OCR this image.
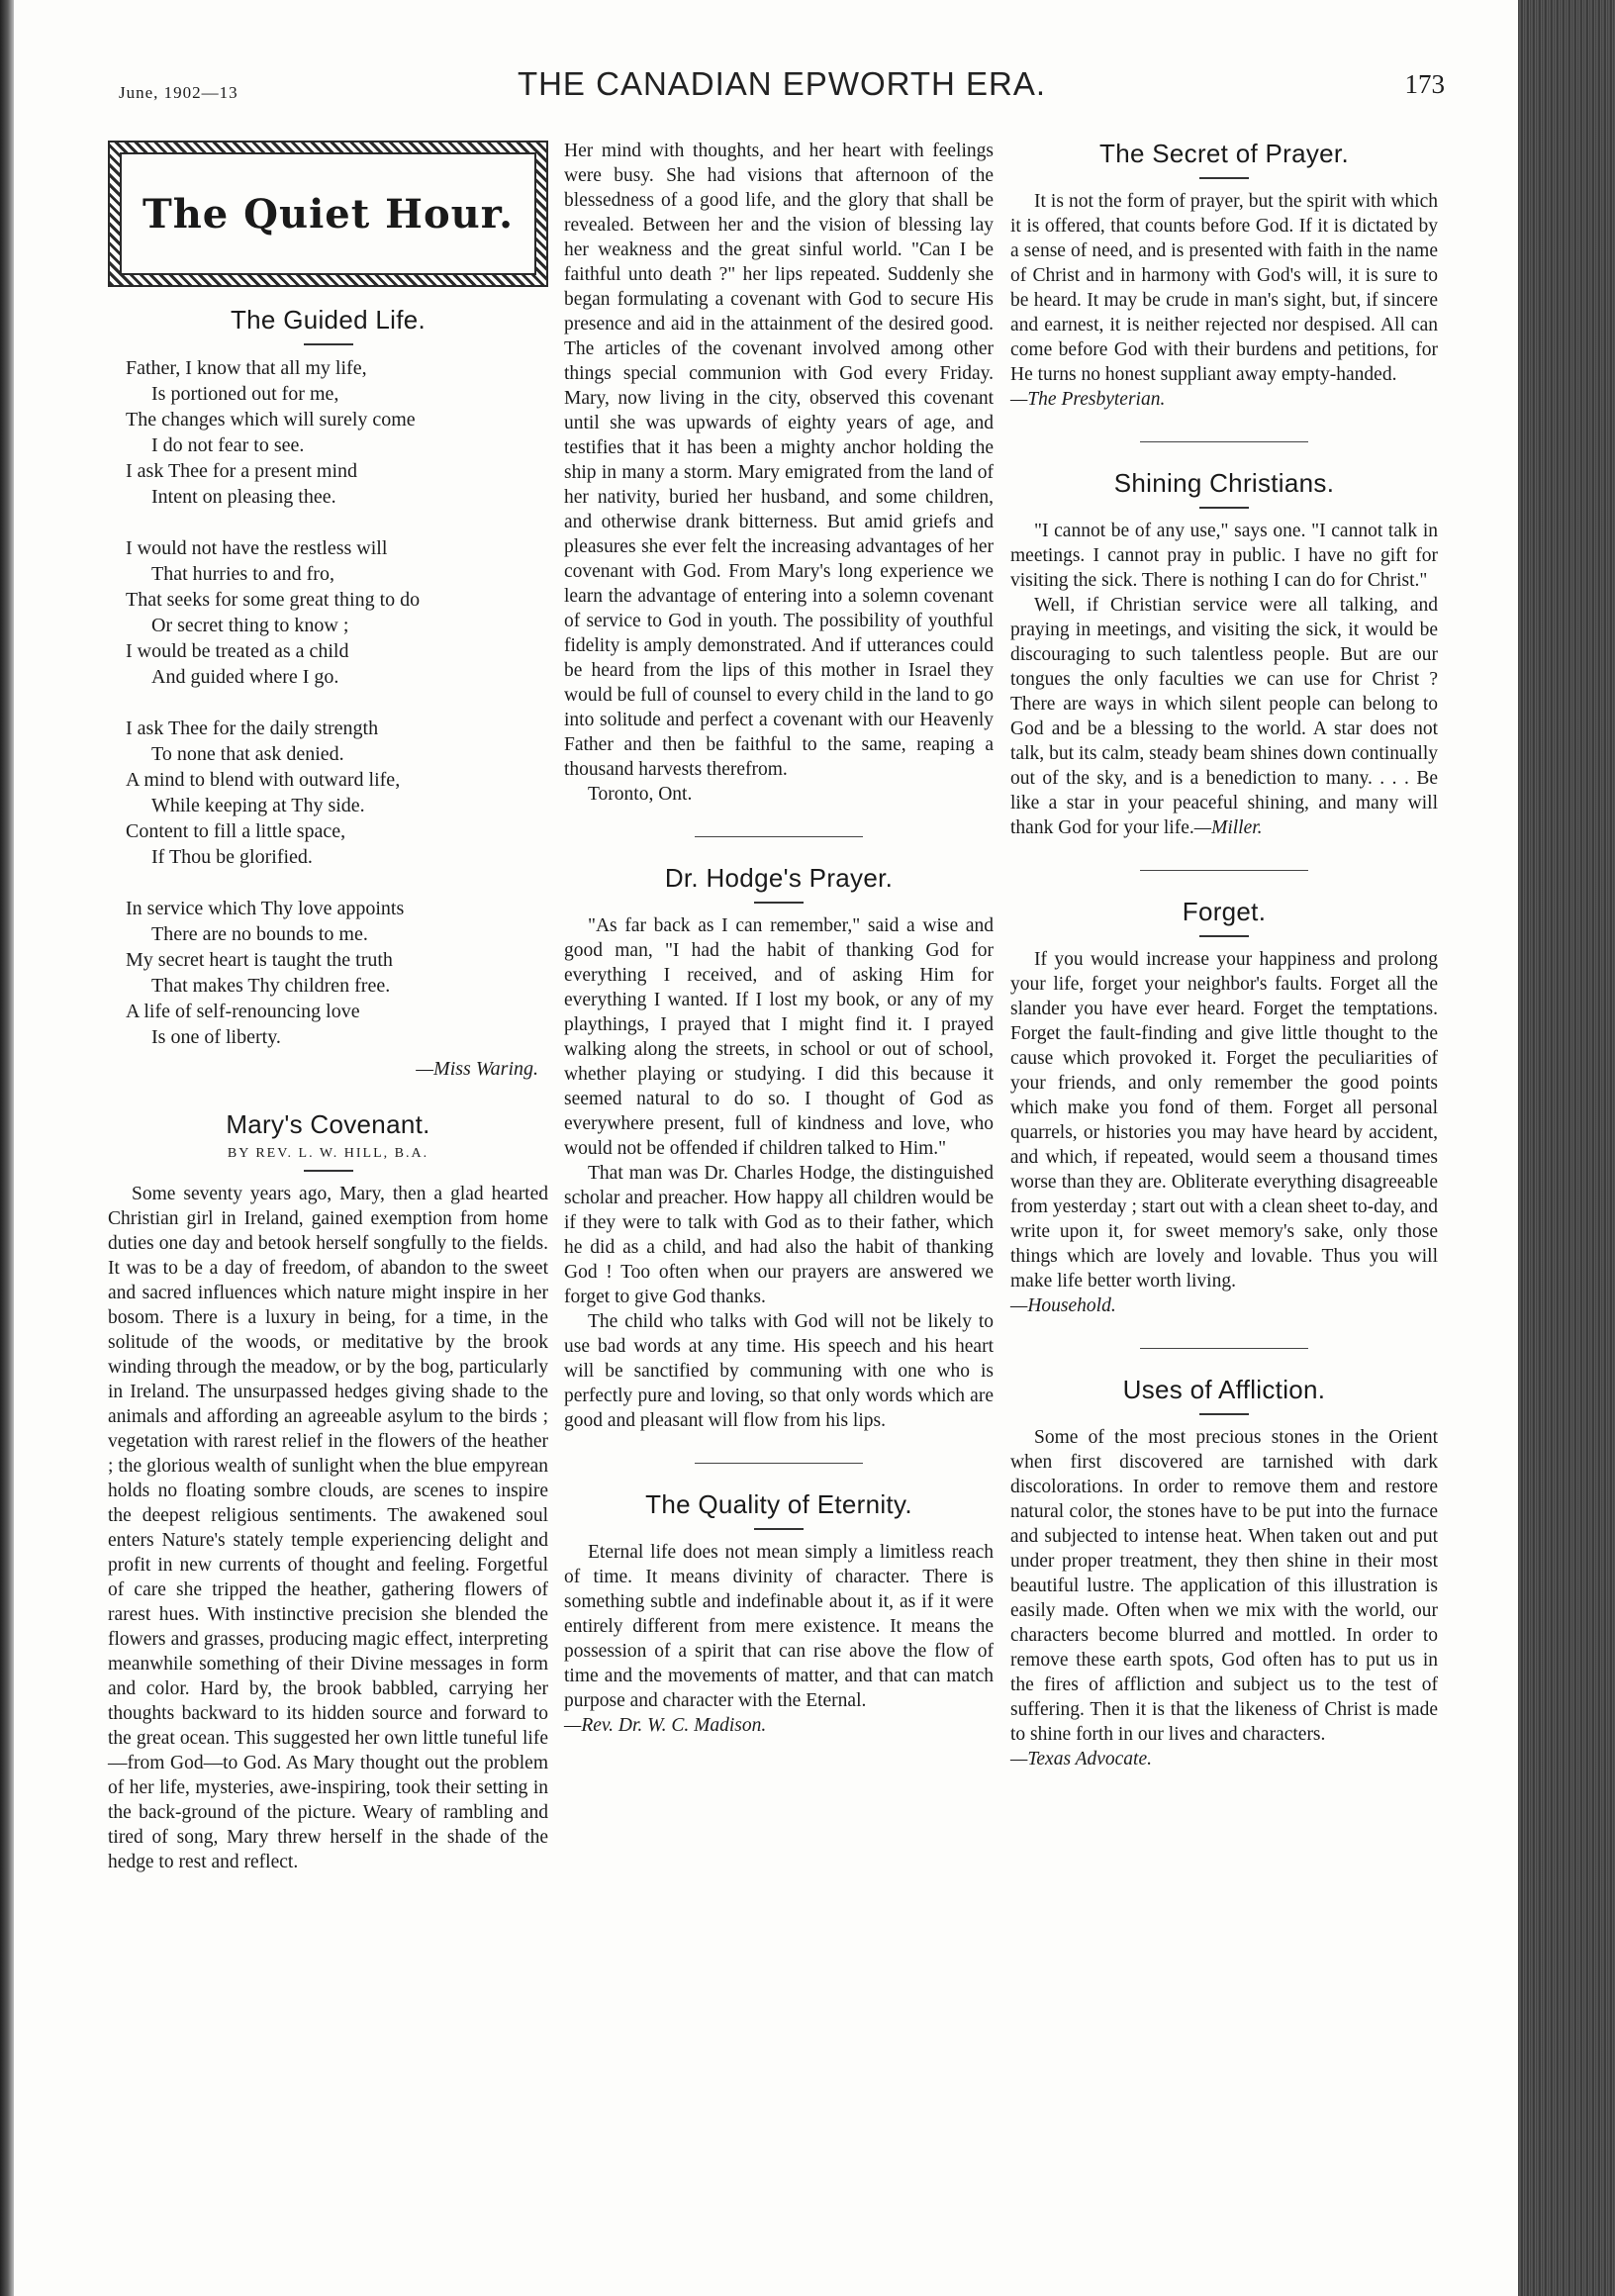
June, 1902—13	THE CANADIAN EPWORTH ERA.	173
The Quiet Hour.
The Guided Life.
Father, I know that all my life,
Is portioned out for me,
The changes which will surely come
I do not fear to see.
I ask Thee for a present mind
Intent on pleasing thee.
I would not have the restless will
That hurries to and fro,
That seeks for some great thing to do
Or secret thing to know ;
I would be treated as a child
And guided where I go.
I ask Thee for the daily strength
To none that ask denied.
A mind to blend with outward life,
While keeping at Thy side.
Content to fill a little space,
If Thou be glorified.
In service which Thy love appoints
There are no bounds to me.
My secret heart is taught the truth
That makes Thy children free.
A life of self-renouncing love
Is one of liberty.
—Miss Waring.
Mary's Covenant.
BY REV. L. W. HILL, B.A.

Some seventy years ago, Mary, then a glad hearted Christian girl in Ireland, gained exemption from home duties one day and betook herself songfully to the fields. It was to be a day of freedom, of abandon to the sweet and sacred influences which nature might inspire in her bosom. There is a luxury in being, for a time, in the solitude of the woods, or meditative by the brook winding through the meadow, or by the bog, particularly in Ireland. The unsurpassed hedges giving shade to the animals and affording an agreeable asylum to the birds ; vegetation with rarest relief in the flowers of the heather ; the glorious wealth of sunlight when the blue empyrean holds no floating sombre clouds, are scenes to inspire the deepest religious sentiments. The awakened soul enters Nature's stately temple experiencing delight and profit in new currents of thought and feeling. Forgetful of care she tripped the heather, gathering flowers of rarest hues. With instinctive precision she blended the flowers and grasses, producing magic effect, interpreting meanwhile something of their Divine messages in form and color. Hard by, the brook babbled, carrying her thoughts backward to its hidden source and forward to the great ocean. This suggested her own little tuneful life—from God—to God. As Mary thought out the problem of her life, mysteries, awe-inspiring, took their setting in the back-ground of the picture. Weary of rambling and tired of song, Mary threw herself in the shade of the hedge to rest and reflect.

Her mind with thoughts, and her heart with feelings were busy. She had visions that afternoon of the blessedness of a good life, and the glory that shall be revealed. Between her and the vision of blessing lay her weakness and the great sinful world. "Can I be faithful unto death ?" her lips repeated. Suddenly she began formulating a covenant with God to secure His presence and aid in the attainment of the desired good. The articles of the covenant involved among other things special communion with God every Friday. Mary, now living in the city, observed this covenant until she was upwards of eighty years of age, and testifies that it has been a mighty anchor holding the ship in many a storm. Mary emigrated from the land of her nativity, buried her husband, and some children, and otherwise drank bitterness. But amid griefs and pleasures she ever felt the increasing advantages of her covenant with God. From Mary's long experience we learn the advantage of entering into a solemn covenant of service to God in youth. The possibility of youthful fidelity is amply demonstrated. And if utterances could be heard from the lips of this mother in Israel they would be full of counsel to every child in the land to go into solitude and perfect a covenant with our Heavenly Father and then be faithful to the same, reaping a thousand harvests therefrom.

Toronto, Ont.
Dr. Hodge's Prayer.

"As far back as I can remember," said a wise and good man, "I had the habit of thanking God for everything I received, and of asking Him for everything I wanted. If I lost my book, or any of my playthings, I prayed that I might find it. I prayed walking along the streets, in school or out of school, whether playing or studying. I did this because it seemed natural to do so. I thought of God as everywhere present, full of kindness and love, who would not be offended if children talked to Him."

That man was Dr. Charles Hodge, the distinguished scholar and preacher. How happy all children would be if they were to talk with God as to their father, which he did as a child, and had also the habit of thanking God ! Too often when our prayers are answered we forget to give God thanks.

The child who talks with God will not be likely to use bad words at any time. His speech and his heart will be sanctified by communing with one who is perfectly pure and loving, so that only words which are good and pleasant will flow from his lips.

The Quality of Eternity.

Eternal life does not mean simply a limitless reach of time. It means divinity of character. There is something subtle and indefinable about it, as if it were entirely different from mere existence. It means the possession of a spirit that can rise above the flow of time and the movements of matter, and that can match purpose and character with the Eternal.

—Rev. Dr. W. C. Madison.
The Secret of Prayer.

It is not the form of prayer, but the spirit with which it is offered, that counts before God. If it is dictated by a sense of need, and is presented with faith in the name of Christ and in harmony with God's will, it is sure to be heard. It may be crude in man's sight, but, if sincere and earnest, it is neither rejected nor despised. All can come before God with their burdens and petitions, for He turns no honest suppliant away empty-handed.

—The Presbyterian.
Shining Christians.

"I cannot be of any use," says one. "I cannot talk in meetings. I cannot pray in public. I have no gift for visiting the sick. There is nothing I can do for Christ."

Well, if Christian service were all talking, and praying in meetings, and visiting the sick, it would be discouraging to such talentless people. But are our tongues the only faculties we can use for Christ ? There are ways in which silent people can belong to God and be a blessing to the world. A star does not talk, but its calm, steady beam shines down continually out of the sky, and is a benediction to many. . . . Be like a star in your peaceful shining, and many will thank God for your life.—Miller.

Forget.

If you would increase your happiness and prolong your life, forget your neighbor's faults. Forget all the slander you have ever heard. Forget the temptations. Forget the fault-finding and give little thought to the cause which provoked it. Forget the peculiarities of your friends, and only remember the good points which make you fond of them. Forget all personal quarrels, or histories you may have heard by accident, and which, if repeated, would seem a thousand times worse than they are. Obliterate everything disagreeable from yesterday ; start out with a clean sheet to-day, and write upon it, for sweet memory's sake, only those things which are lovely and lovable. Thus you will make life better worth living.

—Household.
Uses of Affliction.

Some of the most precious stones in the Orient when first discovered are tarnished with dark discolorations. In order to remove them and restore natural color, the stones have to be put into the furnace and subjected to intense heat. When taken out and put under proper treatment, they then shine in their most beautiful lustre. The application of this illustration is easily made. Often when we mix with the world, our characters become blurred and mottled. In order to remove these earth spots, God often has to put us in the fires of affliction and subject us to the test of suffering. Then it is that the likeness of Christ is made to shine forth in our lives and characters.

—Texas Advocate.
